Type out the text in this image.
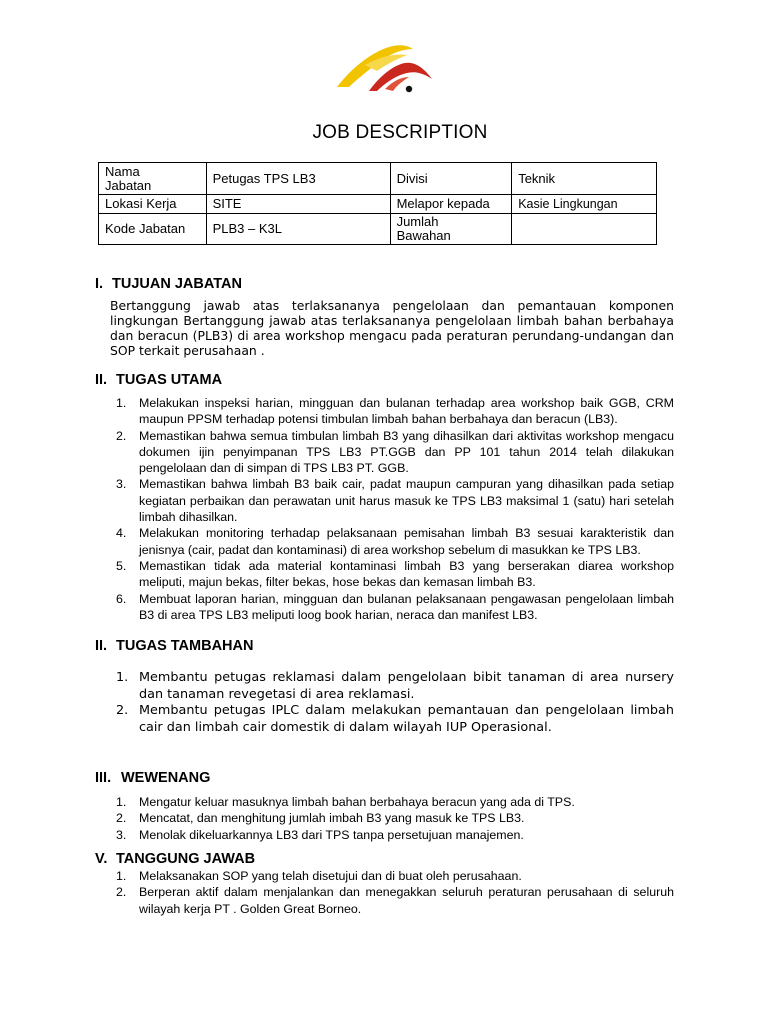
JOB DESCRIPTION
Nama
Jabatan	Petugas TPS LB3	Divisi	Teknik
Lokasi Kerja	SITE	Melapor kepada	Kasie Lingkungan
Kode Jabatan	PLB3 – K3L	Jumlah
Bawahan	
I. TUJUAN JABATAN
Bertanggung jawab atas terlaksananya pengelolaan dan pemantauan komponen lingkungan Bertanggung jawab atas terlaksananya pengelolaan limbah bahan berbahaya dan beracun (PLB3) di area workshop mengacu pada peraturan perundang-undangan dan SOP terkait perusahaan .
II. TUGAS UTAMA
1. Melakukan inspeksi harian, mingguan dan bulanan terhadap area workshop baik GGB, CRM maupun PPSM terhadap potensi timbulan limbah bahan berbahaya dan beracun (LB3).
2. Memastikan bahwa semua timbulan limbah B3 yang dihasilkan dari aktivitas workshop mengacu dokumen ijin penyimpanan TPS LB3 PT.GGB dan PP 101 tahun 2014 telah dilakukan pengelolaan dan di simpan di TPS LB3 PT. GGB.
3. Memastikan bahwa limbah B3 baik cair, padat maupun campuran yang dihasilkan pada setiap kegiatan perbaikan dan perawatan unit harus masuk ke TPS LB3 maksimal 1 (satu) hari setelah limbah dihasilkan.
4. Melakukan monitoring terhadap pelaksanaan pemisahan limbah B3 sesuai karakteristik dan jenisnya (cair, padat dan kontaminasi) di area workshop sebelum di masukkan ke TPS LB3.
5. Memastikan tidak ada material kontaminasi limbah B3 yang berserakan diarea workshop meliputi, majun bekas, filter bekas, hose bekas dan kemasan limbah B3.
6. Membuat laporan harian, mingguan dan bulanan pelaksanaan pengawasan pengelolaan limbah B3 di area TPS LB3 meliputi loog book harian, neraca dan manifest LB3.
II. TUGAS TAMBAHAN
1. Membantu petugas reklamasi dalam pengelolaan bibit tanaman di area nursery dan tanaman revegetasi di area reklamasi.
2. Membantu petugas IPLC dalam melakukan pemantauan dan pengelolaan limbah cair dan limbah cair domestik di dalam wilayah IUP Operasional.
III. WEWENANG
1. Mengatur keluar masuknya limbah bahan berbahaya beracun yang ada di TPS.
2. Mencatat, dan menghitung jumlah imbah B3 yang masuk ke TPS LB3.
3. Menolak dikeluarkannya LB3 dari TPS tanpa persetujuan manajemen.
V. TANGGUNG JAWAB
1. Melaksanakan SOP yang telah disetujui dan di buat oleh perusahaan.
2. Berperan aktif dalam menjalankan dan menegakkan seluruh peraturan perusahaan di seluruh wilayah kerja PT . Golden Great Borneo.
